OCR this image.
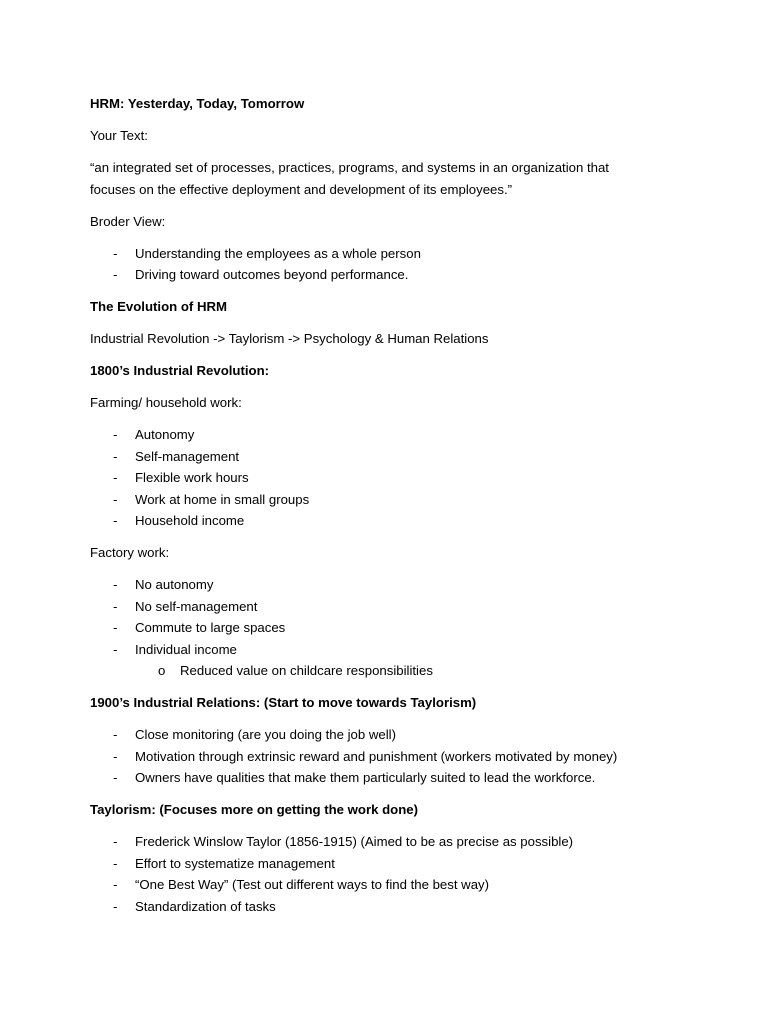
HRM: Yesterday, Today, Tomorrow

Your Text:

“an integrated set of processes, practices, programs, and systems in an organization that

focuses on the effective deployment and development of its employees.”

Broder View:

- Understanding the employees as a whole person
- Driving toward outcomes beyond performance.

The Evolution of HRM

Industrial Revolution -> Taylorism -> Psychology & Human Relations

1800’s Industrial Revolution:

Farming/ household work:

- Autonomy
- Self-management
- Flexible work hours
- Work at home in small groups
- Household income

Factory work:

- No autonomy
- No self-management
- Commute to large spaces
- Individual income
o Reduced value on childcare responsibilities

1900’s Industrial Relations: (Start to move towards Taylorism)

- Close monitoring (are you doing the job well)
- Motivation through extrinsic reward and punishment (workers motivated by money)
- Owners have qualities that make them particularly suited to lead the workforce.

Taylorism: (Focuses more on getting the work done)

- Frederick Winslow Taylor (1856-1915) (Aimed to be as precise as possible)
- Effort to systematize management
- “One Best Way” (Test out different ways to find the best way)
- Standardization of tasks
